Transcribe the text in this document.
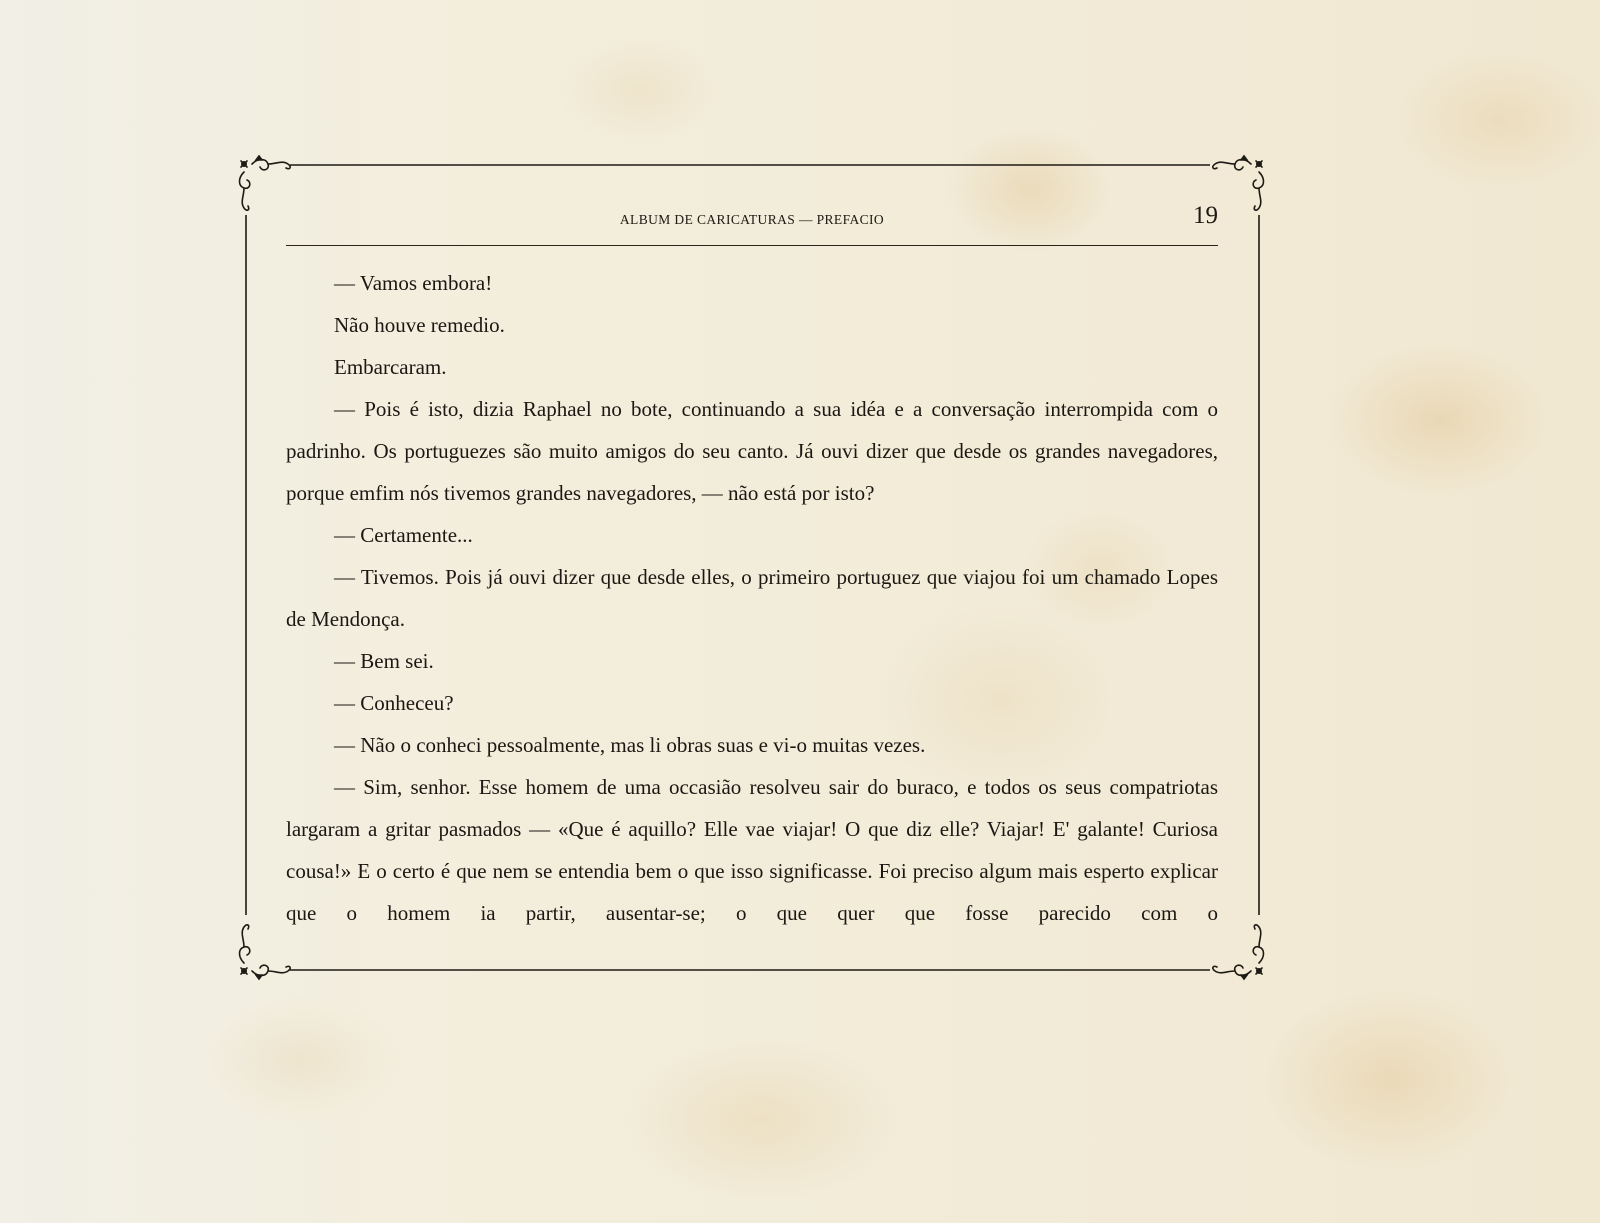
ALBUM DE CARICATURAS — PREFACIO	19

— Vamos embora!

Não houve remedio.

Embarcaram.

— Pois é isto, dizia Raphael no bote, continuando a sua idéa e a conversação interrompida com o padrinho. Os portuguezes são muito amigos do seu canto. Já ouvi dizer que desde os grandes navegadores, porque emfim nós tivemos grandes navegadores, — não está por isto?

— Certamente...

— Tivemos. Pois já ouvi dizer que desde elles, o primeiro portuguez que viajou foi um chamado Lopes de Mendonça.

— Bem sei.

— Conheceu?

— Não o conheci pessoalmente, mas li obras suas e vi-o muitas vezes.

— Sim, senhor. Esse homem de uma occasião resolveu sair do buraco, e todos os seus compatriotas largaram a gritar pasmados — «Que é aquillo? Elle vae viajar! O que diz elle? Viajar! E' galante! Curiosa cousa!» E o certo é que nem se entendia bem o que isso significasse. Foi preciso algum mais esperto explicar que o homem ia partir, ausentar-se; o que quer que fosse parecido com o
